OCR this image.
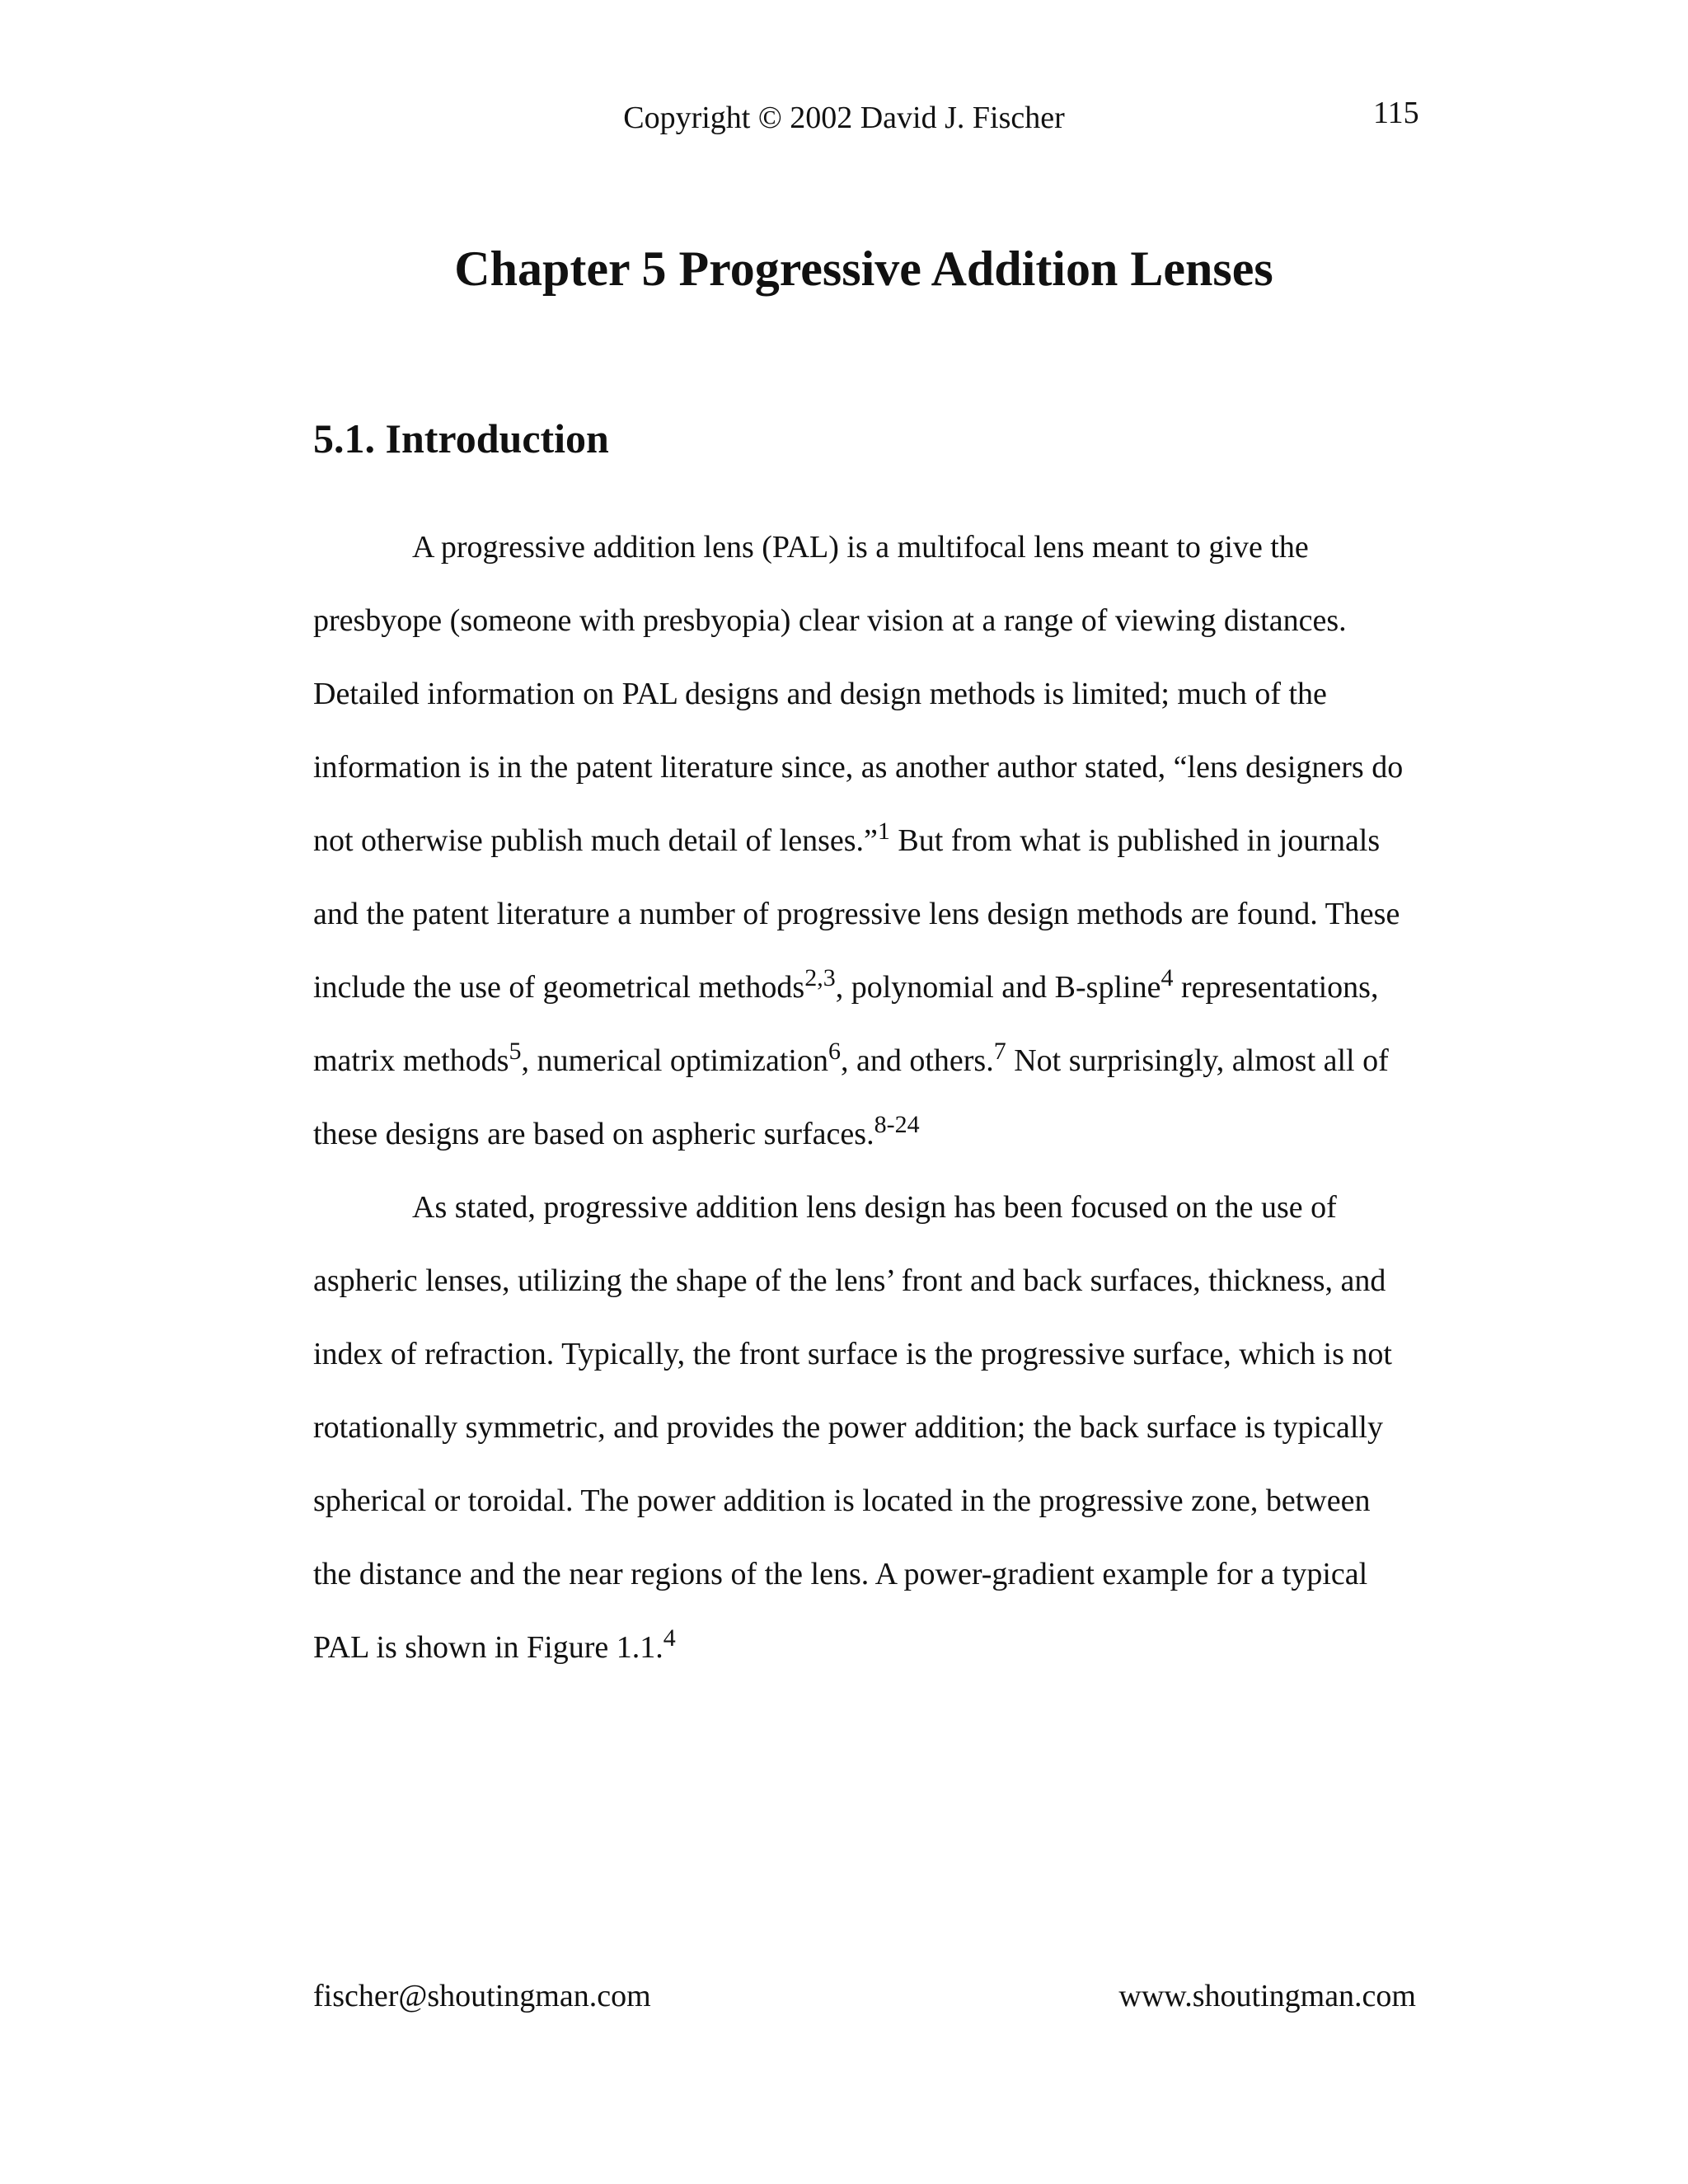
Copyright © 2002 David J. Fischer	115
Chapter 5 Progressive Addition Lenses
5.1. Introduction
A progressive addition lens (PAL) is a multifocal lens meant to give the
presbyope (someone with presbyopia) clear vision at a range of viewing distances.
Detailed information on PAL designs and design methods is limited; much of the
information is in the patent literature since, as another author stated, “lens designers do
not otherwise publish much detail of lenses.”$^1$ But from what is published in journals
and the patent literature a number of progressive lens design methods are found. These
include the use of geometrical methods$^{2,3}$, polynomial and B-spline$^4$ representations,
matrix methods$^5$, numerical optimization$^6$, and others.$^7$ Not surprisingly, almost all of
these designs are based on aspheric surfaces.$^{8-24}$
As stated, progressive addition lens design has been focused on the use of
aspheric lenses, utilizing the shape of the lens’ front and back surfaces, thickness, and
index of refraction. Typically, the front surface is the progressive surface, which is not
rotationally symmetric, and provides the power addition; the back surface is typically
spherical or toroidal. The power addition is located in the progressive zone, between
the distance and the near regions of the lens. A power-gradient example for a typical
PAL is shown in Figure 1.1.$^4$
fischer@shoutingman.com	www.shoutingman.com
